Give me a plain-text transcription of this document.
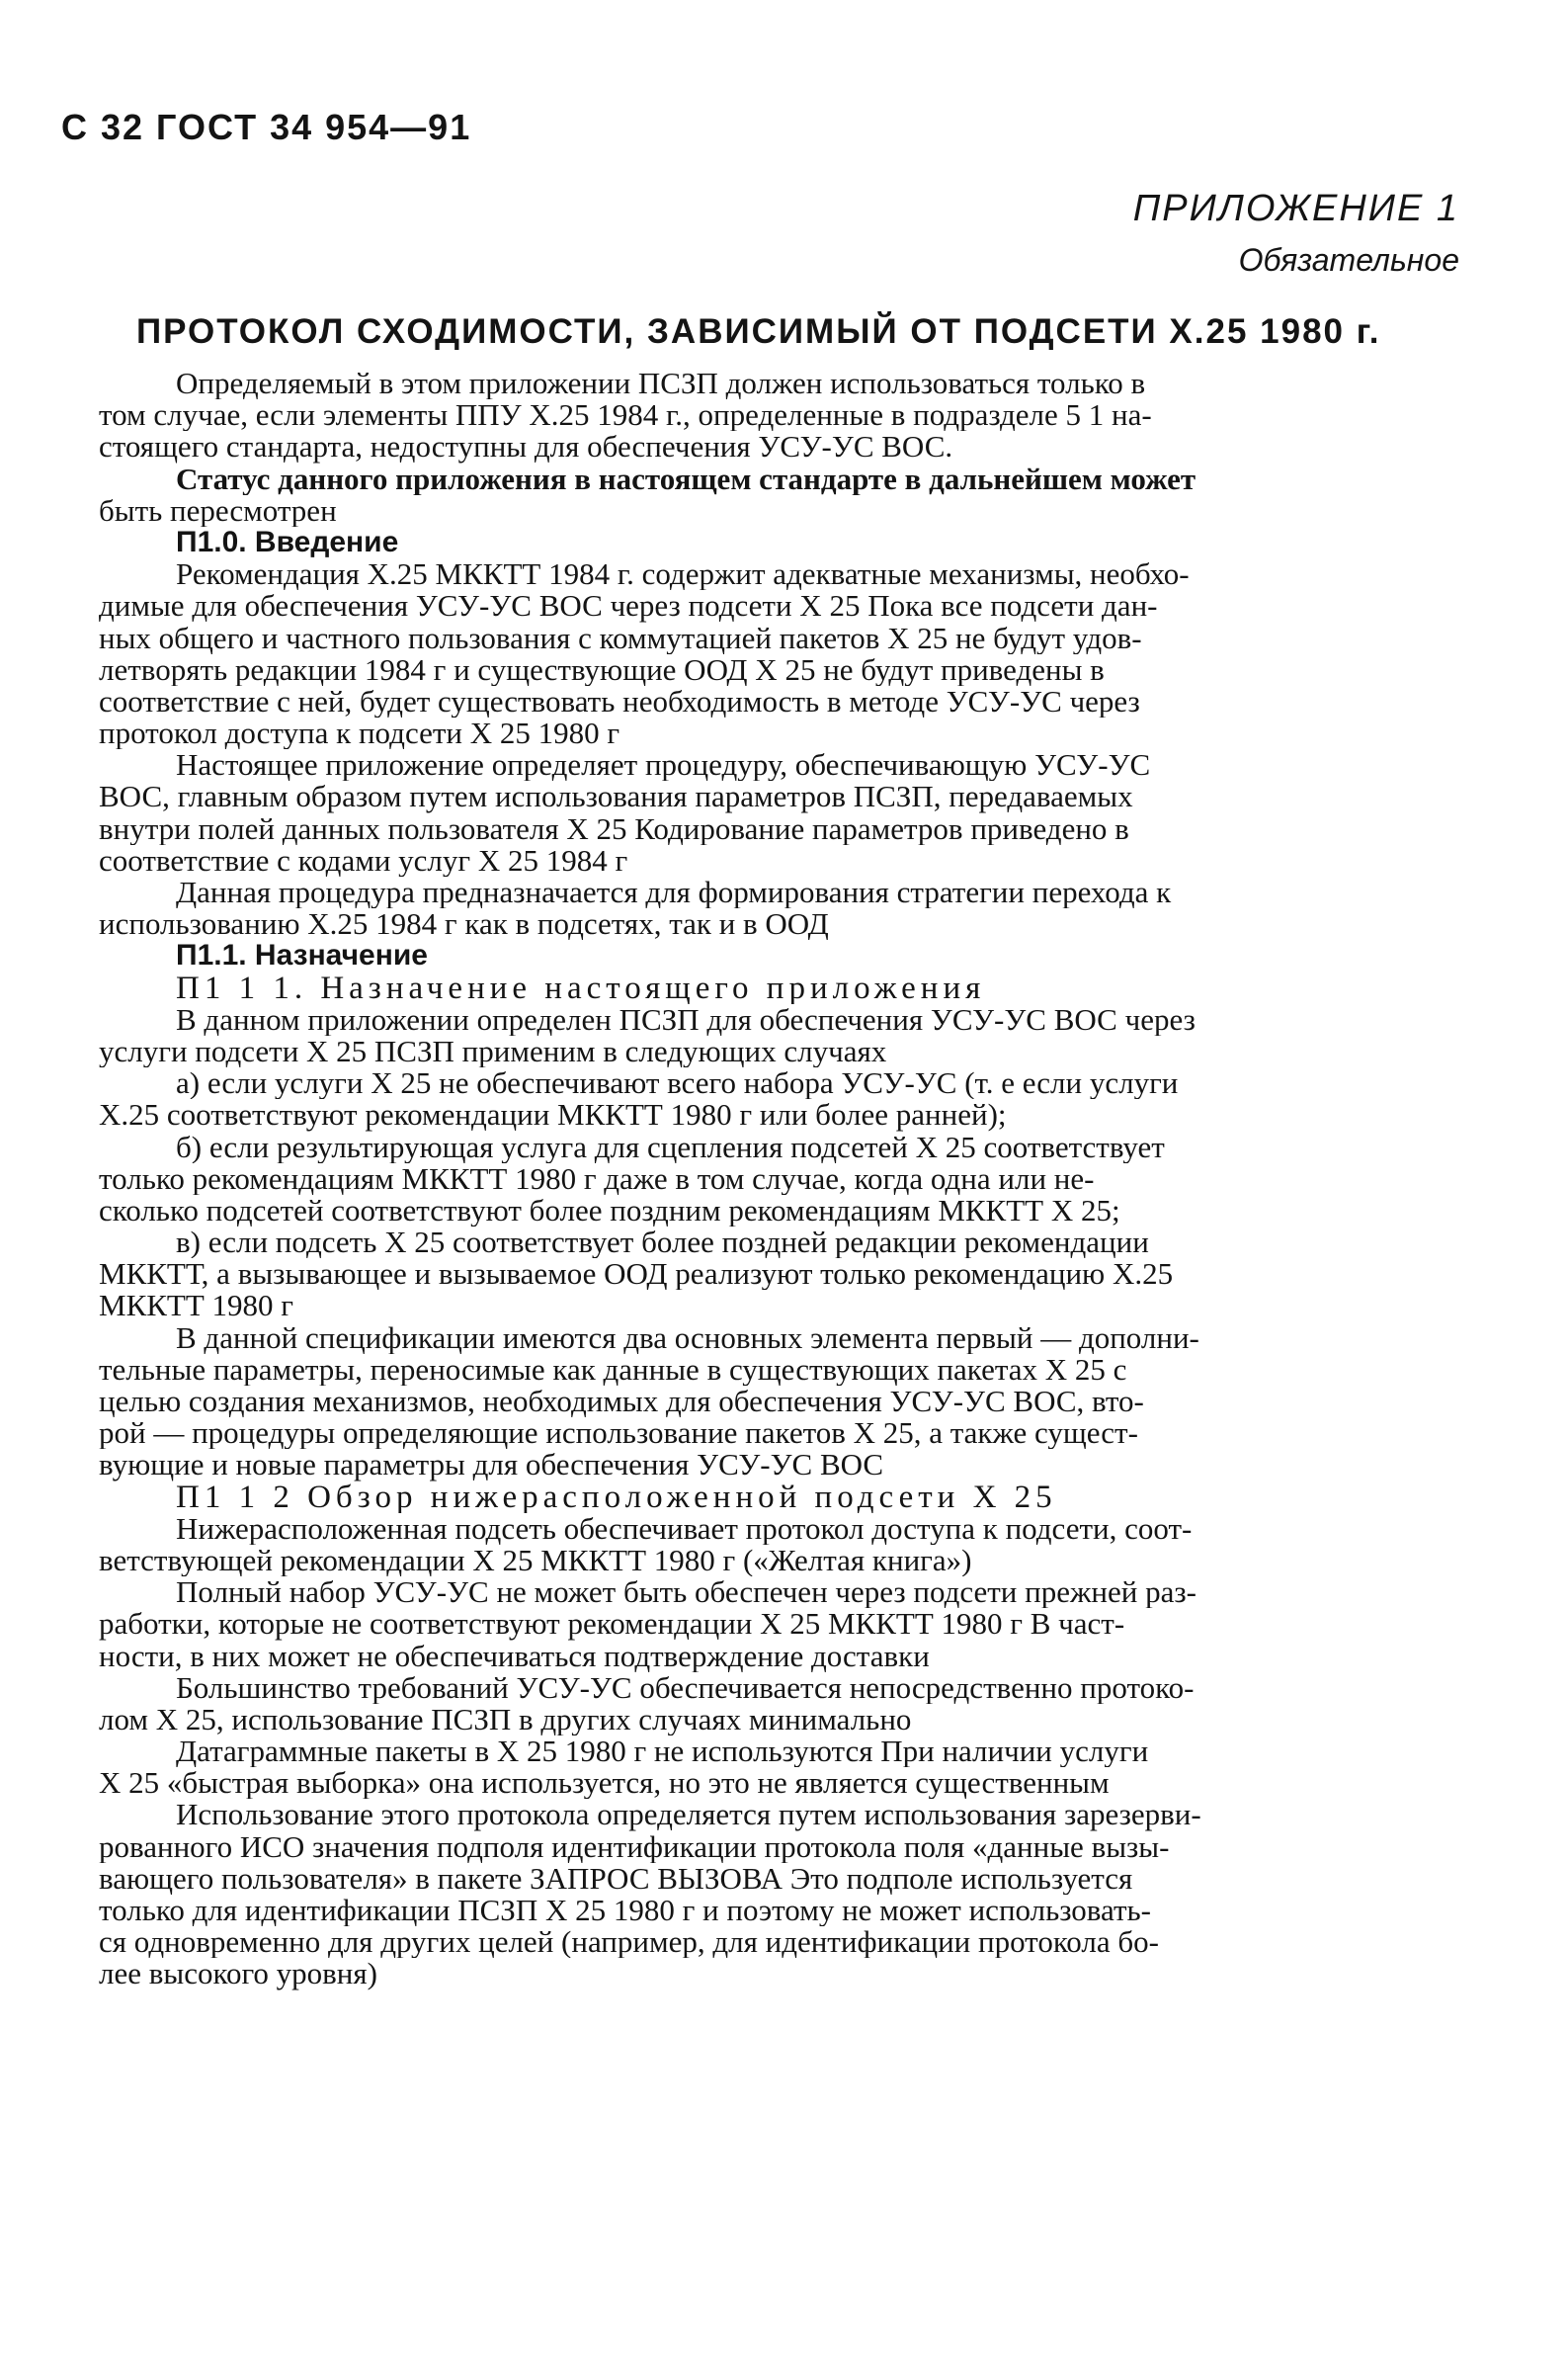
С 32 ГОСТ 34 954—91
ПРИЛОЖЕНИЕ 1
Обязательное
ПРОТОКОЛ СХОДИМОСТИ, ЗАВИСИМЫЙ ОТ ПОДСЕТИ X.25 1980 г.
Определяемый в этом приложении ПСЗП должен использоваться только в
том случае, если элементы ППУ X.25 1984 г., определенные в подразделе 5 1 на-
стоящего стандарта, недоступны для обеспечения УСУ-УС ВОС.
Статус данного приложения в настоящем стандарте в дальнейшем может
быть пересмотрен
П1.0. Введение
Рекомендация X.25 МККТТ 1984 г. содержит адекватные механизмы, необхо-
димые для обеспечения УСУ-УС ВОС через подсети X 25 Пока все подсети дан-
ных общего и частного пользования с коммутацией пакетов X 25 не будут удов-
летворять редакции 1984 г и существующие ООД X 25 не будут приведены в
соответствие с ней, будет существовать необходимость в методе УСУ-УС через
протокол доступа к подсети X 25 1980 г
Настоящее приложение определяет процедуру, обеспечивающую УСУ-УС
ВОС, главным образом путем использования параметров ПСЗП, передаваемых
внутри полей данных пользователя X 25 Кодирование параметров приведено в
соответствие с кодами услуг X 25 1984 г
Данная процедура предназначается для формирования стратегии перехода к
использованию X.25 1984 г как в подсетях, так и в ООД
П1.1. Назначение
П1 1 1. Назначение настоящего приложения
В данном приложении определен ПСЗП для обеспечения УСУ-УС ВОС через
услуги подсети X 25 ПСЗП применим в следующих случаях
а) если услуги X 25 не обеспечивают всего набора УСУ-УС (т. е если услуги
X.25 соответствуют рекомендации МККТТ 1980 г или более ранней);
б) если результирующая услуга для сцепления подсетей X 25 соответствует
только рекомендациям МККТТ 1980 г даже в том случае, когда одна или не-
сколько подсетей соответствуют более поздним рекомендациям МККТТ X 25;
в) если подсеть X 25 соответствует более поздней редакции рекомендации
МККТТ, а вызывающее и вызываемое ООД реализуют только рекомендацию X.25
МККТТ 1980 г
В данной спецификации имеются два основных элемента первый — дополни-
тельные параметры, переносимые как данные в существующих пакетах X 25 с
целью создания механизмов, необходимых для обеспечения УСУ-УС ВОС, вто-
рой — процедуры определяющие использование пакетов X 25, а также сущест-
вующие и новые параметры для обеспечения УСУ-УС ВОС
П1 1 2 Обзор нижерасположенной подсети X 25
Нижерасположенная подсеть обеспечивает протокол доступа к подсети, соот-
ветствующей рекомендации X 25 МККТТ 1980 г («Желтая книга»)
Полный набор УСУ-УС не может быть обеспечен через подсети прежней раз-
работки, которые не соответствуют рекомендации X 25 МККТТ 1980 г В част-
ности, в них может не обеспечиваться подтверждение доставки
Большинство требований УСУ-УС обеспечивается непосредственно протоко-
лом X 25, использование ПСЗП в других случаях минимально
Датаграммные пакеты в X 25 1980 г не используются При наличии услуги
X 25 «быстрая выборка» она используется, но это не является существенным
Использование этого протокола определяется путем использования зарезерви-
рованного ИСО значения подполя идентификации протокола поля «данные вызы-
вающего пользователя» в пакете ЗАПРОС ВЫЗОВА Это подполе используется
только для идентификации ПСЗП X 25 1980 г и поэтому не может использовать-
ся одновременно для других целей (например, для идентификации протокола бо-
лее высокого уровня)
